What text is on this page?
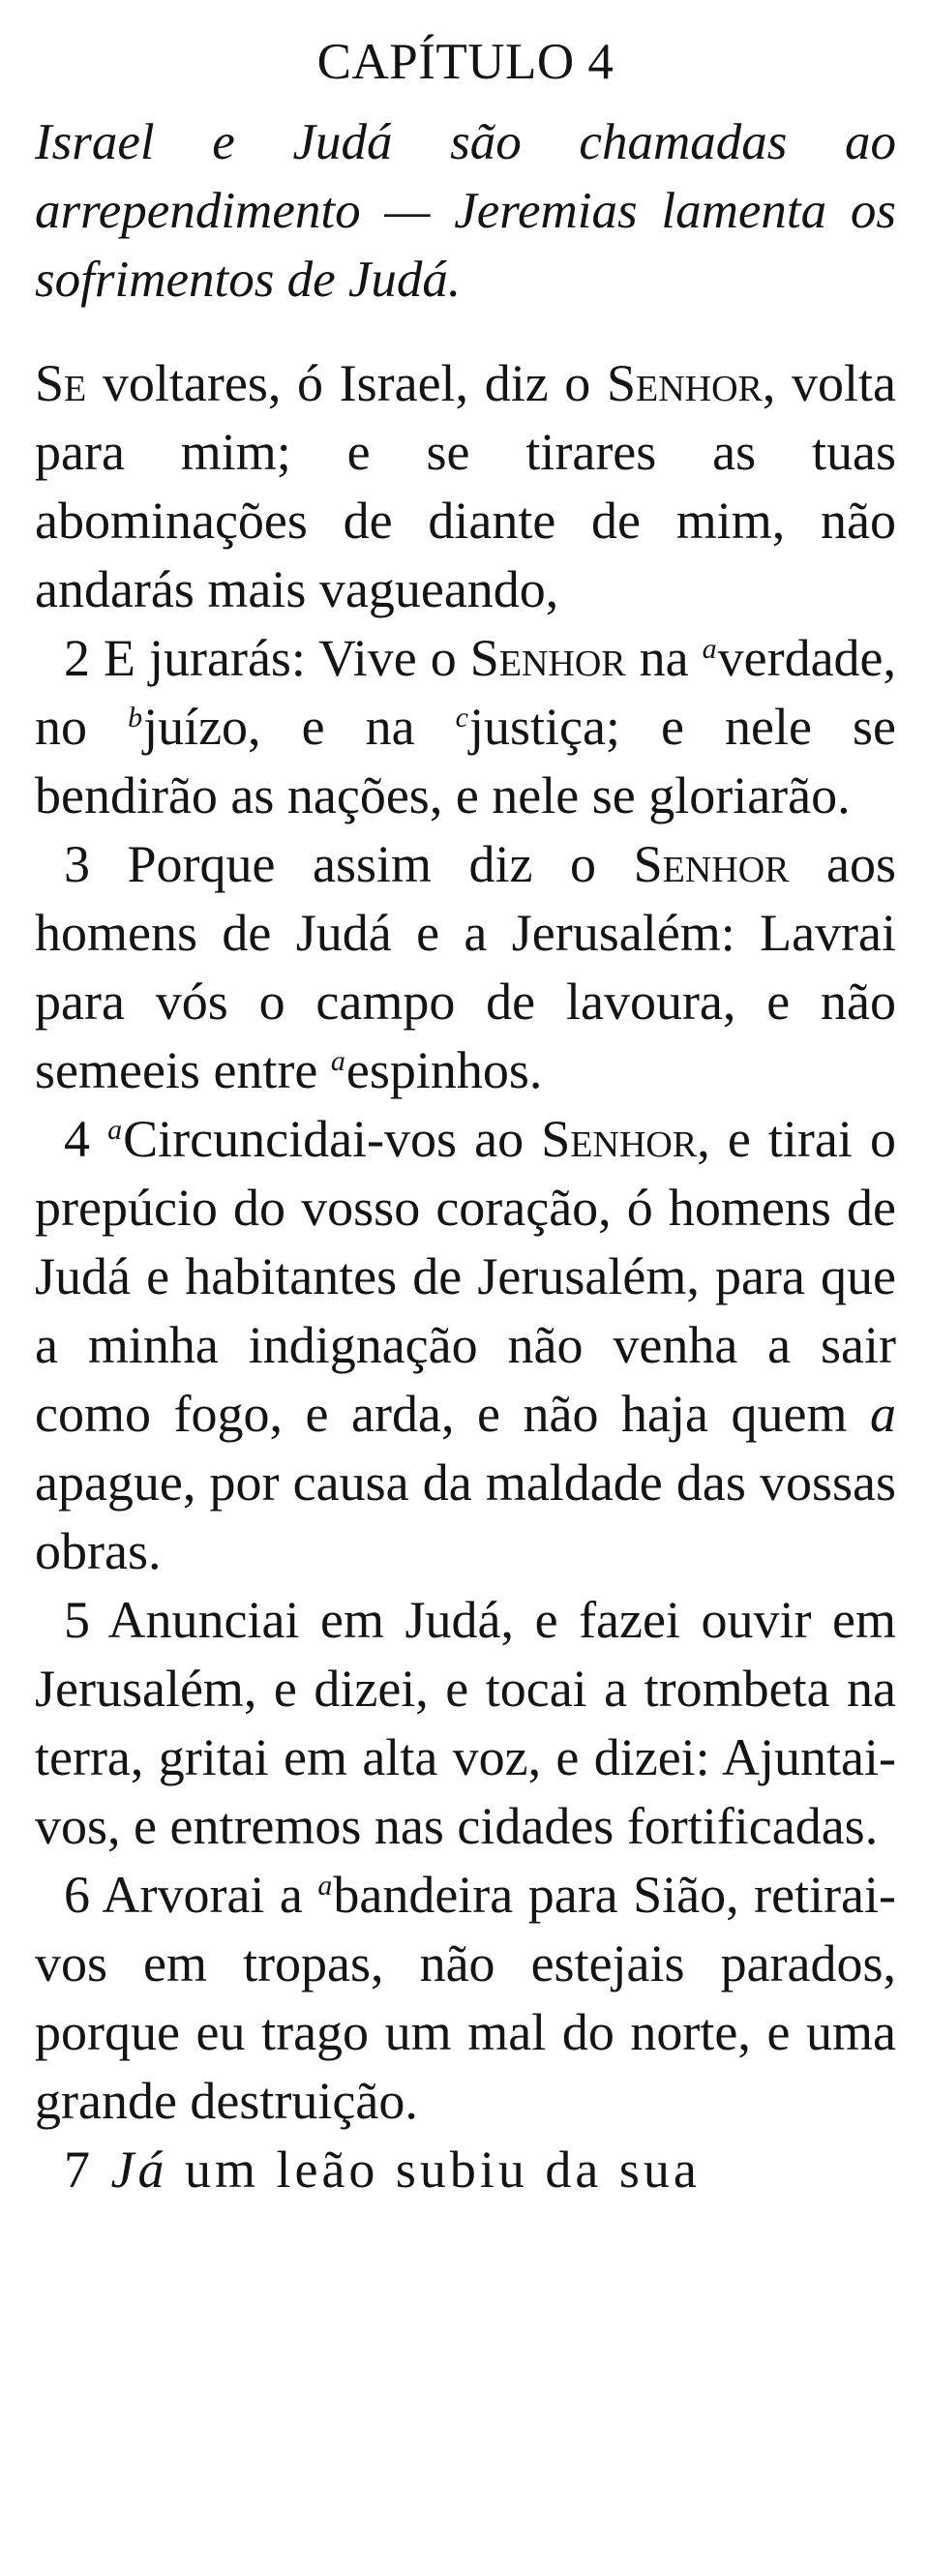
CAPÍTULO 4

Israel e Judá são chamadas ao arrependimento — Jeremias lamenta os sofrimentos de Judá.

Se voltares, ó Israel, diz o Senhor, volta para mim; e se tirares as tuas abominações de diante de mim, não andarás mais vagueando,

2 E jurarás: Vive o Senhor na $^a$verdade, no $^b$juízo, e na $^c$justiça; e nele se bendirão as nações, e nele se gloriarão.

3 Porque assim diz o Senhor aos homens de Judá e a Jerusalém: Lavrai para vós o campo de lavoura, e não semeeis entre $^a$espinhos.

4 $^a$Circuncidai-vos ao Senhor, e tirai o prepúcio do vosso coração, ó homens de Judá e habitantes de Jerusalém, para que a minha indignação não venha a sair como fogo, e arda, e não haja quem a apague, por causa da maldade das vossas obras.

5 Anunciai em Judá, e fazei ouvir em Jerusalém, e dizei, e tocai a trombeta na terra, gritai em alta voz, e dizei: Ajuntai-vos, e entremos nas cidades fortificadas.

6 Arvorai a $^a$bandeira para Sião, retirai-vos em tropas, não estejais parados, porque eu trago um mal do norte, e uma grande destruição.

7 Já um leão subiu da sua
